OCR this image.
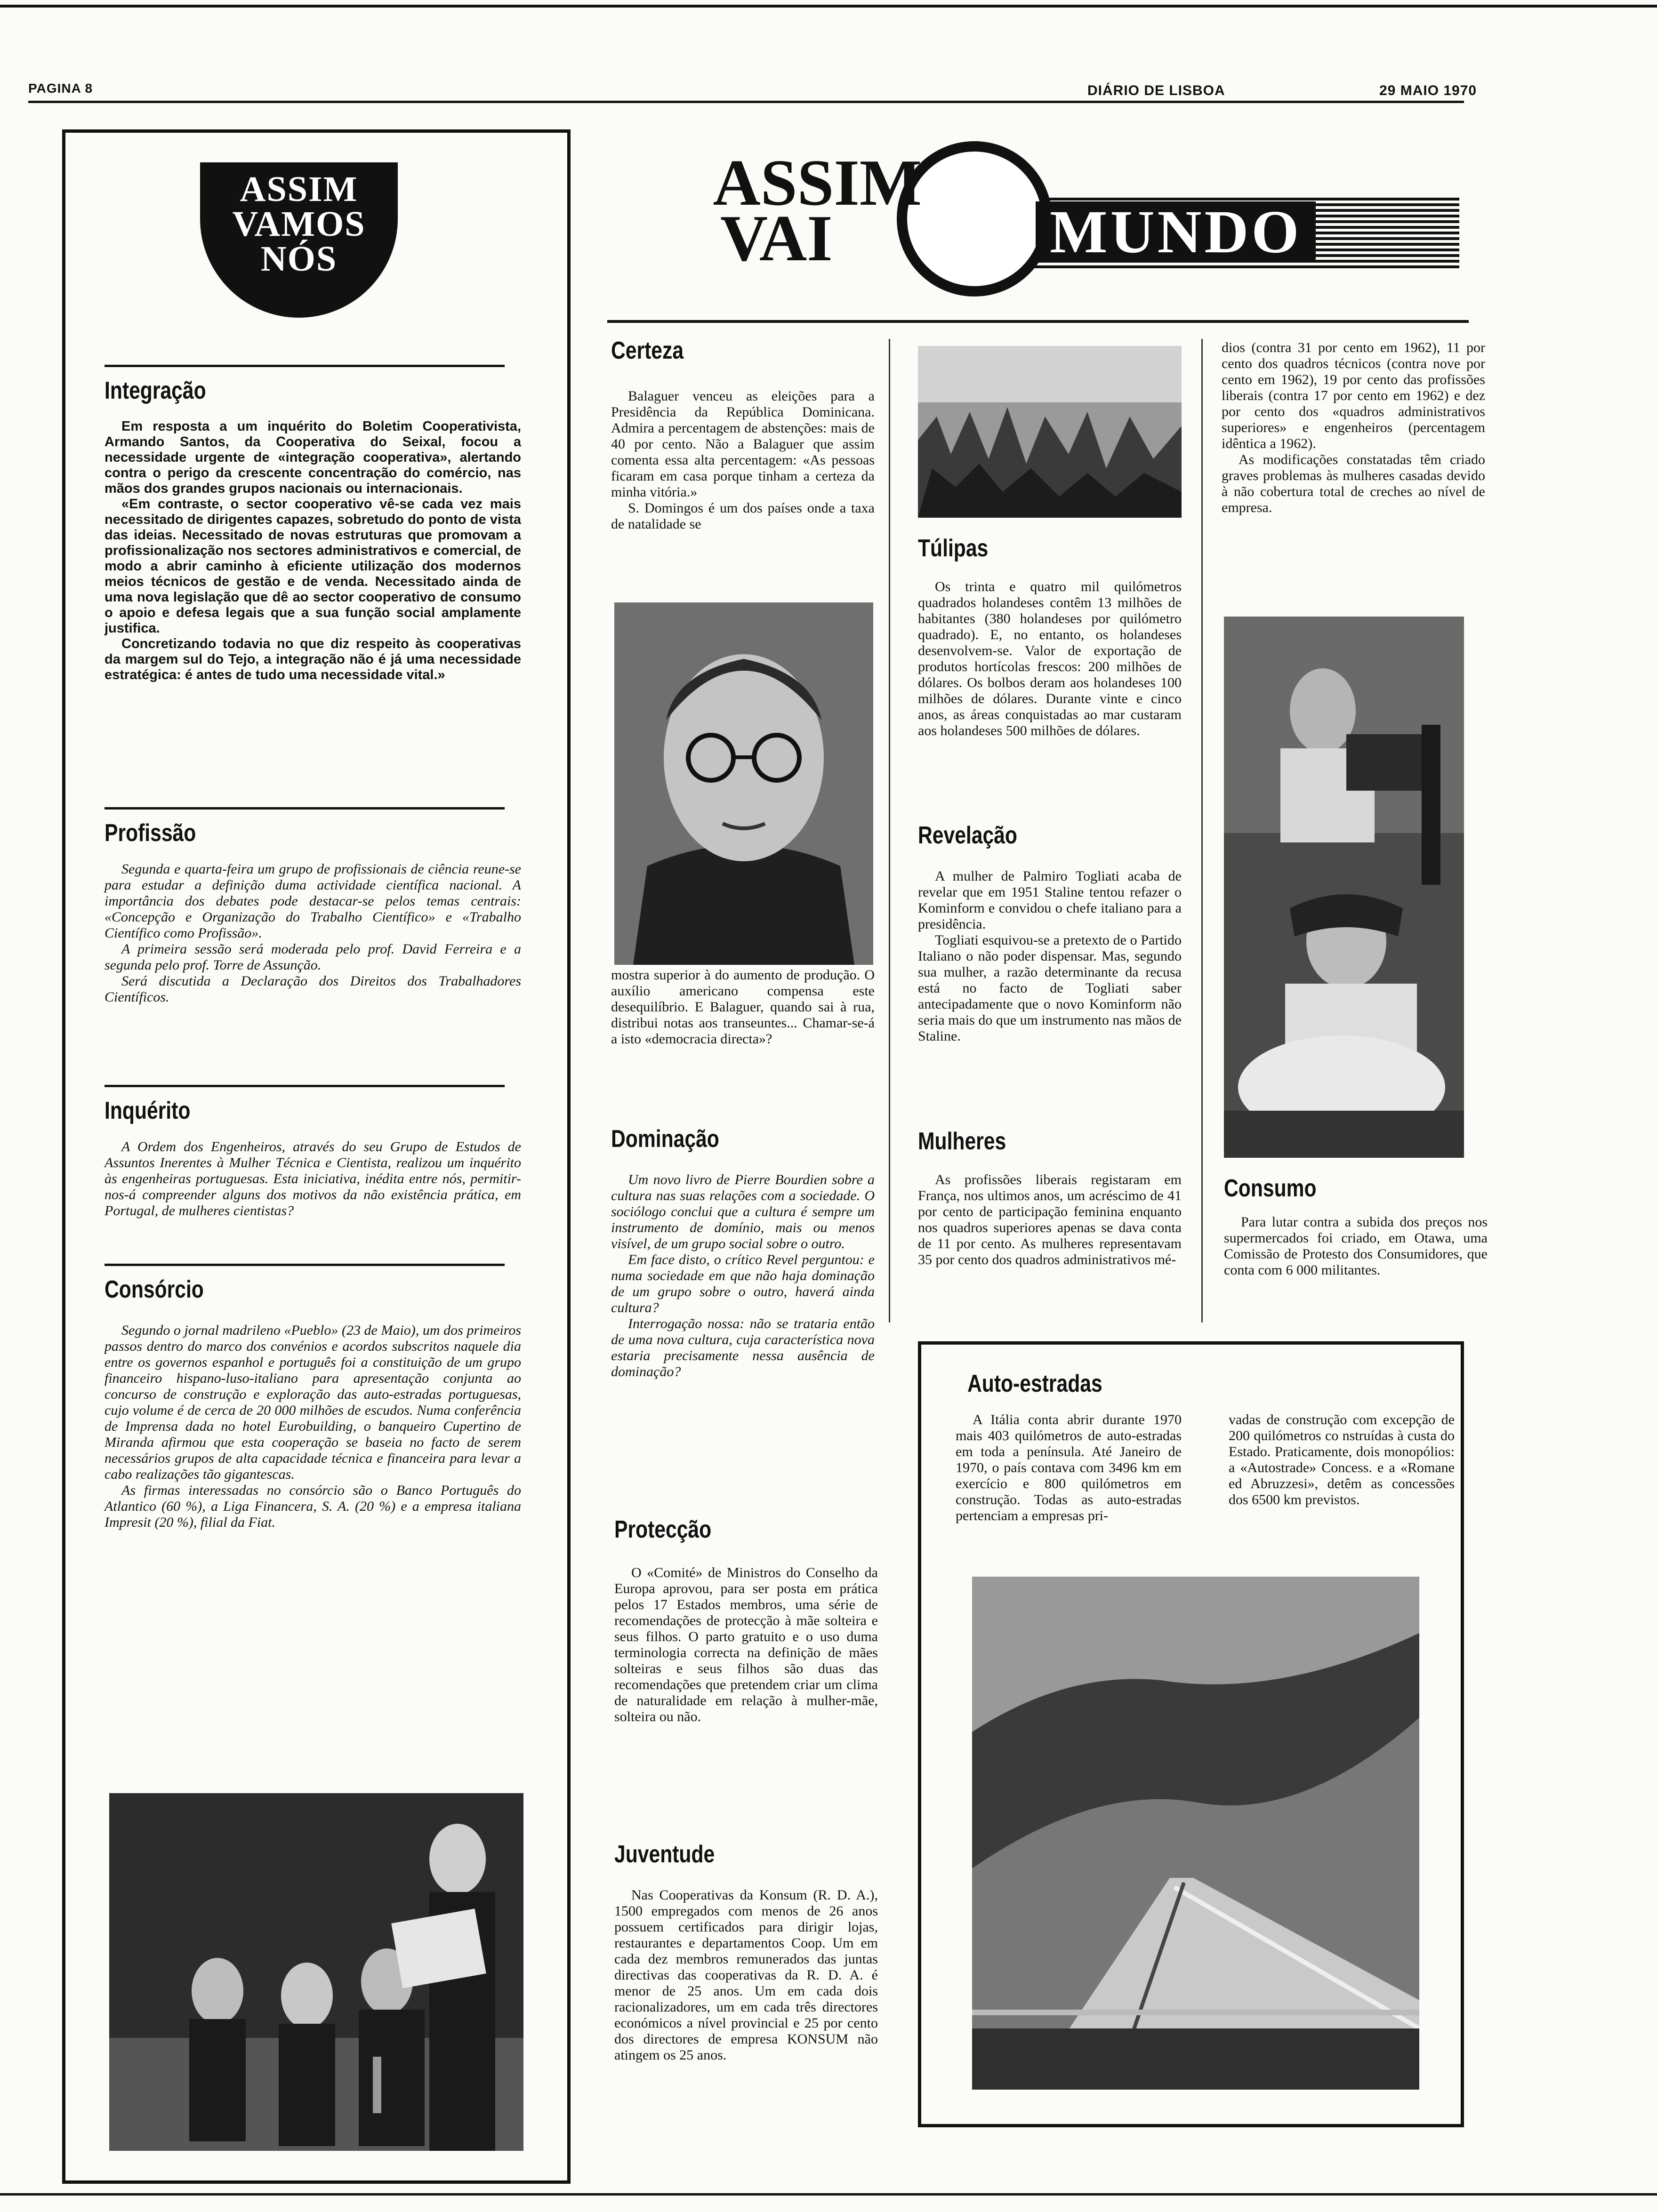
PAGINA 8	DIÁRIO DE LISBOA	29 MAIO 1970
ASSIM
VAMOS
NÓS
Integração

Em resposta a um inquérito do Boletim Cooperativista, Armando Santos, da Cooperativa do Seixal, focou a necessidade urgente de «integração cooperativa», alertando contra o perigo da crescente concentração do comércio, nas mãos dos grandes grupos nacionais ou internacionais.

«Em contraste, o sector cooperativo vê-se cada vez mais necessitado de dirigentes capazes, sobretudo do ponto de vista das ideias. Necessitado de novas estruturas que promovam a profissionalização nos sectores administrativos e comercial, de modo a abrir caminho à eficiente utilização dos modernos meios técnicos de gestão e de venda. Necessitado ainda de uma nova legislação que dê ao sector cooperativo de consumo o apoio e defesa legais que a sua função social amplamente justifica.

Concretizando todavia no que diz respeito às cooperativas da margem sul do Tejo, a integração não é já uma necessidade estratégica: é antes de tudo uma necessidade vital.»

Profissão

Segunda e quarta-feira um grupo de profissionais de ciência reune-se para estudar a definição duma actividade científica nacional. A importância dos debates pode destacar-se pelos temas centrais: «Concepção e Organização do Trabalho Científico» e «Trabalho Científico como Profissão».

A primeira sessão será moderada pelo prof. David Ferreira e a segunda pelo prof. Torre de Assunção.

Será discutida a Declaração dos Direitos dos Trabalhadores Científicos.

Inquérito

A Ordem dos Engenheiros, através do seu Grupo de Estudos de Assuntos Inerentes à Mulher Técnica e Cientista, realizou um inquérito às engenheiras portuguesas. Esta iniciativa, inédita entre nós, permitir-nos-á compreender alguns dos motivos da não existência prática, em Portugal, de mulheres cientistas?

Consórcio

Segundo o jornal madrileno «Pueblo» (23 de Maio), um dos primeiros passos dentro do marco dos convénios e acordos subscritos naquele dia entre os governos espanhol e português foi a constituição de um grupo financeiro hispano-luso-italiano para apresentação conjunta ao concurso de construção e exploração das auto-estradas portuguesas, cujo volume é de cerca de 20 000 milhões de escudos. Numa conferência de Imprensa dada no hotel Eurobuilding, o banqueiro Cupertino de Miranda afirmou que esta cooperação se baseia no facto de serem necessários grupos de alta capacidade técnica e financeira para levar a cabo realizações tão gigantescas.

As firmas interessadas no consórcio são o Banco Português do Atlantico (60 %), a Liga Financera, S. A. (20 %) e a empresa italiana Impresit (20 %), filial da Fiat.

ASSIM
VAI	MUNDO
Certeza

Balaguer venceu as eleições para a Presidência da República Dominicana. Admira a percentagem de abstenções: mais de 40 por cento. Não a Balaguer que assim comenta essa alta percentagem: «As pessoas ficaram em casa porque tinham a certeza da minha vitória.»

S. Domingos é um dos países onde a taxa de natalidade se

mostra superior à do aumento de produção. O auxílio americano compensa este desequilíbrio. E Balaguer, quando sai à rua, distribui notas aos transeuntes... Chamar-se-á a isto «democracia directa»?

Dominação

Um novo livro de Pierre Bourdien sobre a cultura nas suas relações com a sociedade. O sociólogo conclui que a cultura é sempre um instrumento de domínio, mais ou menos visível, de um grupo social sobre o outro.

Em face disto, o crítico Revel perguntou: e numa sociedade em que não haja dominação de um grupo sobre o outro, haverá ainda cultura?

Interrogação nossa: não se trataria então de uma nova cultura, cuja característica nova estaria precisamente nessa ausência de dominação?

Protecção

O «Comité» de Ministros do Conselho da Europa aprovou, para ser posta em prática pelos 17 Estados membros, uma série de recomendações de protecção à mãe solteira e seus filhos. O parto gratuito e o uso duma terminologia correcta na definição de mães solteiras e seus filhos são duas das recomendações que pretendem criar um clima de naturalidade em relação à mulher-mãe, solteira ou não.

Juventude

Nas Cooperativas da Konsum (R. D. A.), 1500 empregados com menos de 26 anos possuem certificados para dirigir lojas, restaurantes e departamentos Coop. Um em cada dez membros remunerados das juntas directivas das cooperativas da R. D. A. é menor de 25 anos. Um em cada dois racionalizadores, um em cada três directores económicos a nível provincial e 25 por cento dos directores de empresa KONSUM não atingem os 25 anos.

Túlipas

Os trinta e quatro mil quilómetros quadrados holandeses contêm 13 milhões de habitantes (380 holandeses por quilómetro quadrado). E, no entanto, os holandeses desenvolvem-se. Valor de exportação de produtos hortícolas frescos: 200 milhões de dólares. Os bolbos deram aos holandeses 100 milhões de dólares. Durante vinte e cinco anos, as áreas conquistadas ao mar custaram aos holandeses 500 milhões de dólares.

Revelação

A mulher de Palmiro Togliati acaba de revelar que em 1951 Staline tentou refazer o Kominform e convidou o chefe italiano para a presidência.

Togliati esquivou-se a pretexto de o Partido Italiano o não poder dispensar. Mas, segundo sua mulher, a razão determinante da recusa está no facto de Togliati saber antecipadamente que o novo Kominform não seria mais do que um instrumento nas mãos de Staline.

Mulheres

As profissões liberais registaram em França, nos ultimos anos, um acréscimo de 41 por cento de participação feminina enquanto nos quadros superiores apenas se dava conta de 11 por cento. As mulheres representavam 35 por cento dos quadros administrativos mé-

dios (contra 31 por cento em 1962), 11 por cento dos quadros técnicos (contra nove por cento em 1962), 19 por cento das profissões liberais (contra 17 por cento em 1962) e dez por cento dos «quadros administrativos superiores» e engenheiros (percentagem idêntica a 1962).

As modificações constatadas têm criado graves problemas às mulheres casadas devido à não cobertura total de creches ao nível de empresa.

Consumo

Para lutar contra a subida dos preços nos supermercados foi criado, em Otawa, uma Comissão de Protesto dos Consumidores, que conta com 6 000 militantes.

Auto-estradas

A Itália conta abrir durante 1970 mais 403 quilómetros de auto-estradas em toda a península. Até Janeiro de 1970, o país contava com 3496 km em exercício e 800 quilómetros em construção. Todas as auto-estradas pertenciam a empresas pri-

vadas de construção com excepção de 200 quilómetros co nstruídas à custa do Estado. Praticamente, dois monopólios: a «Autostrade» Concess. e a «Romane ed Abruzzesi», detêm as concessões dos 6500 km previstos.
